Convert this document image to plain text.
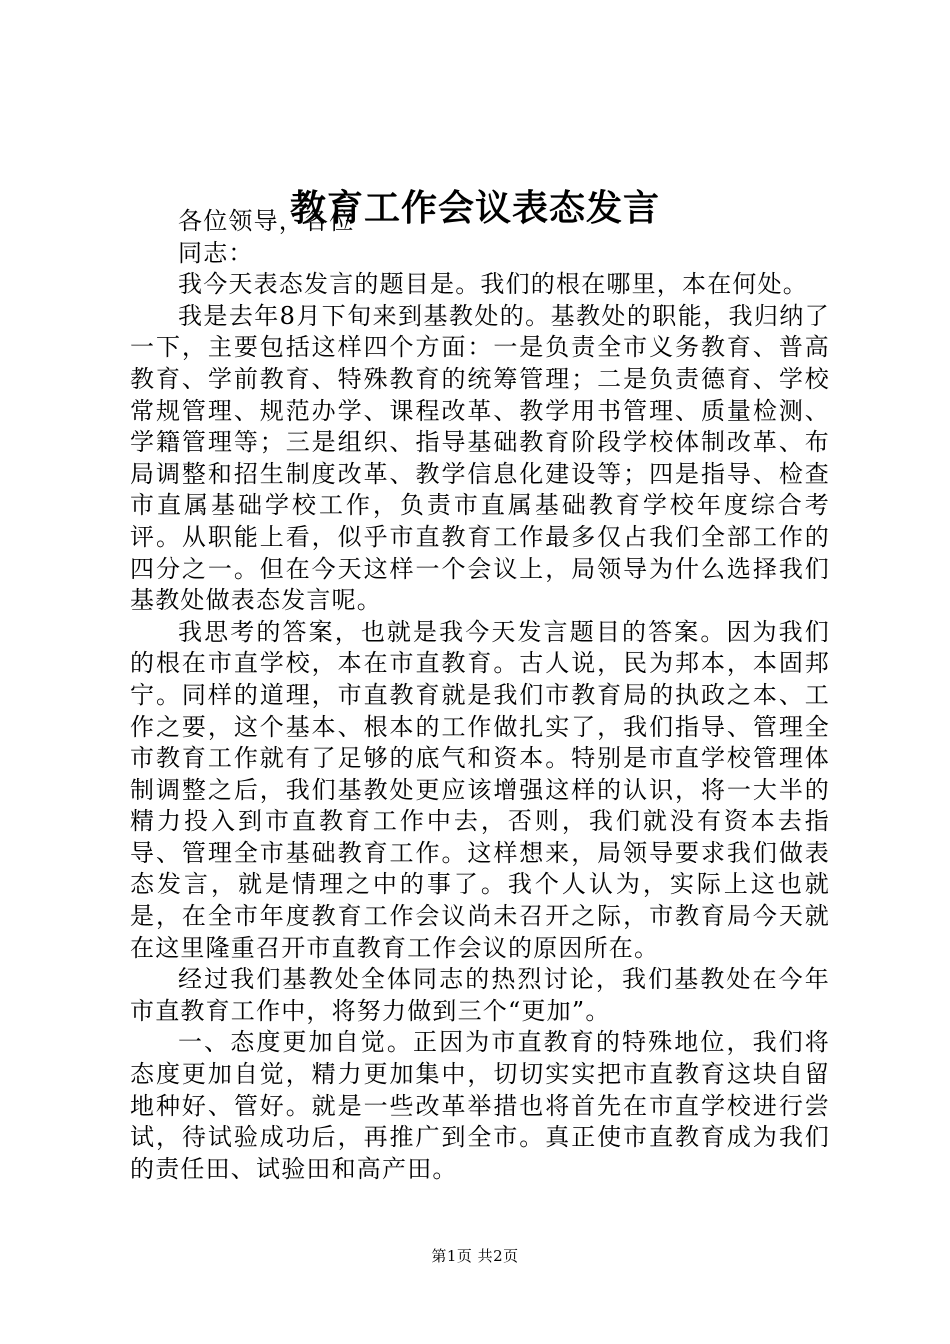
教育工作会议表态发言

各位领导，各位

同志：

我今天表态发言的题目是。我们的根在哪里，本在何处。

我是去年8月下旬来到基教处的。基教处的职能，我归纳了一下，主要包括这样四个方面：一是负责全市义务教育、普高教育、学前教育、特殊教育的统筹管理；二是负责德育、学校常规管理、规范办学、课程改革、教学用书管理、质量检测、学籍管理等；三是组织、指导基础教育阶段学校体制改革、布局调整和招生制度改革、教学信息化建设等；四是指导、检查市直属基础学校工作，负责市直属基础教育学校年度综合考评。从职能上看，似乎市直教育工作最多仅占我们全部工作的四分之一。但在今天这样一个会议上，局领导为什么选择我们基教处做表态发言呢。

我思考的答案，也就是我今天发言题目的答案。因为我们的根在市直学校，本在市直教育。古人说，民为邦本，本固邦宁。同样的道理，市直教育就是我们市教育局的执政之本、工作之要，这个基本、根本的工作做扎实了，我们指导、管理全市教育工作就有了足够的底气和资本。特别是市直学校管理体制调整之后，我们基教处更应该增强这样的认识，将一大半的精力投入到市直教育工作中去，否则，我们就没有资本去指导、管理全市基础教育工作。这样想来，局领导要求我们做表态发言，就是情理之中的事了。我个人认为，实际上这也就是，在全市年度教育工作会议尚未召开之际，市教育局今天就在这里隆重召开市直教育工作会议的原因所在。

经过我们基教处全体同志的热烈讨论，我们基教处在今年市直教育工作中，将努力做到三个“更加”。

一、态度更加自觉。正因为市直教育的特殊地位，我们将态度更加自觉，精力更加集中，切切实实把市直教育这块自留地种好、管好。就是一些改革举措也将首先在市直学校进行尝试，待试验成功后，再推广到全市。真正使市直教育成为我们的责任田、试验田和高产田。

第1页 共2页
